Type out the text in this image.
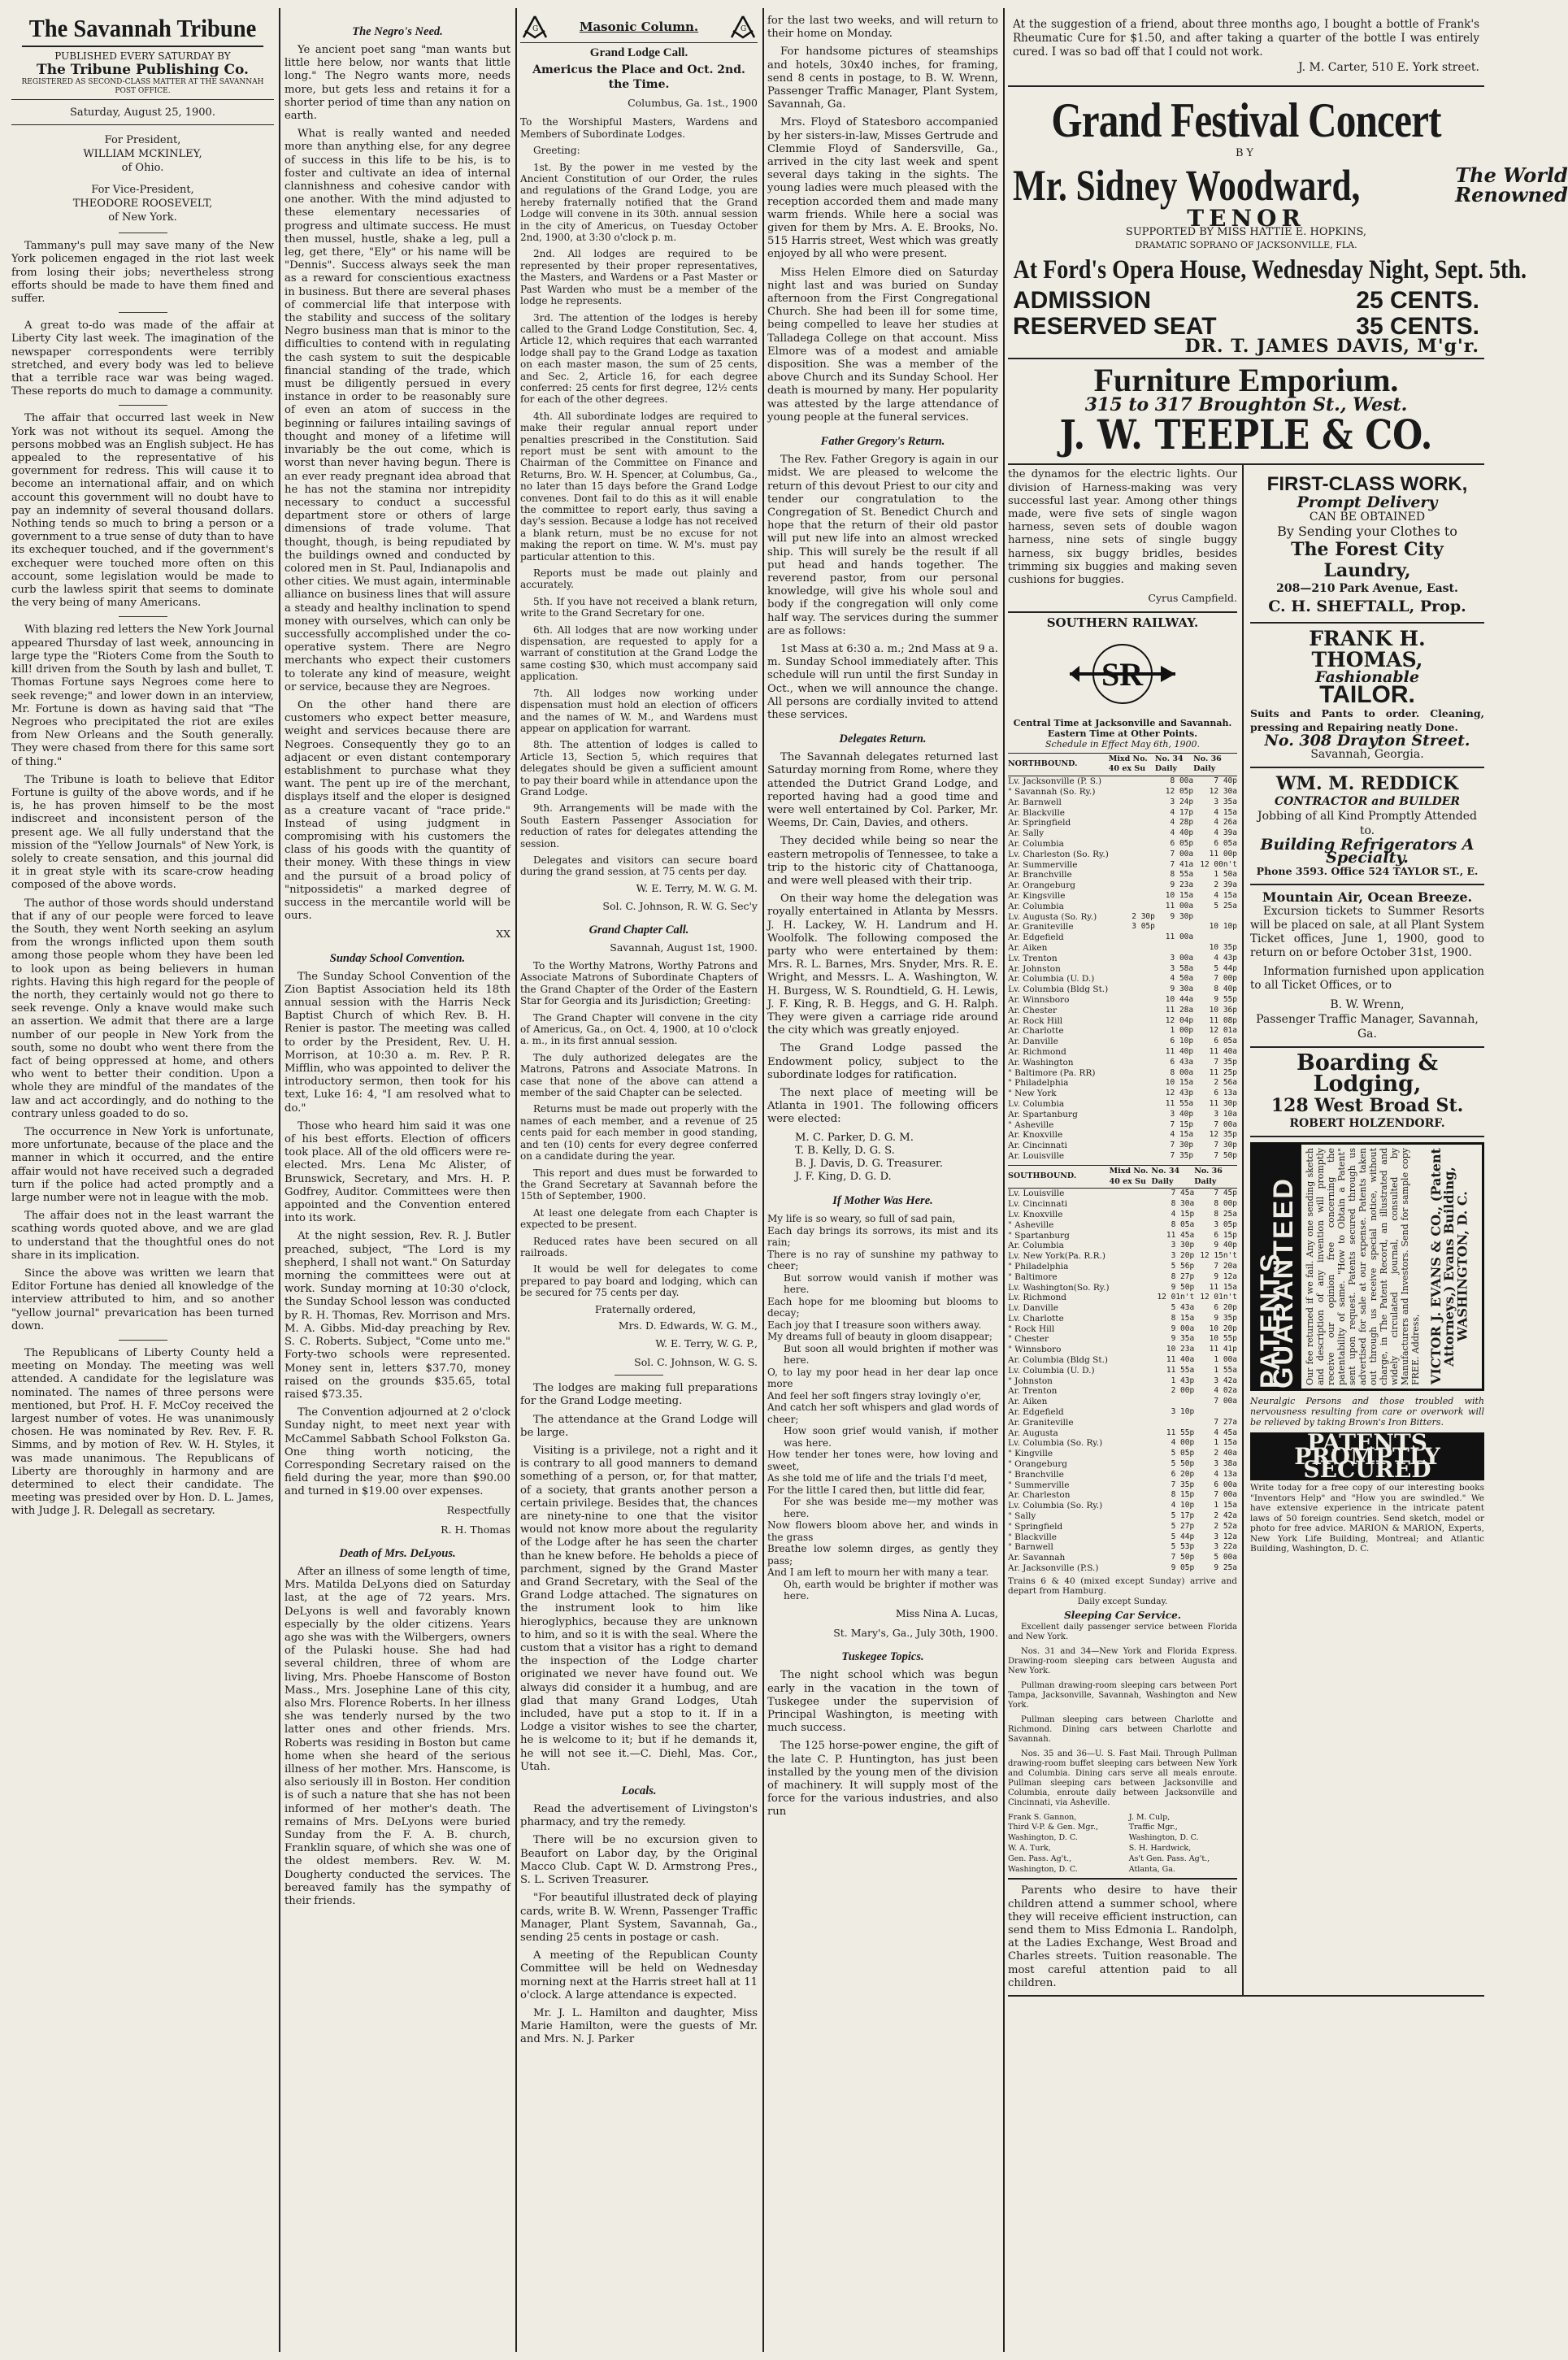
The Savannah Tribune
PUBLISHED EVERY SATURDAY BY
The Tribune Publishing Co.
REGISTERED AS SECOND-CLASS MATTER AT THE SAVANNAH POST OFFICE.
Saturday, August 25, 1900.
For President,
WILLIAM MCKINLEY,
of Ohio.
For Vice-President,
THEODORE ROOSEVELT,
of New York.

Tammany's pull may save many of the New York policemen engaged in the riot last week from losing their jobs; nevertheless strong efforts should be made to have them fined and suffer.

A great to-do was made of the affair at Liberty City last week. The imagination of the newspaper correspondents were terribly stretched, and every body was led to believe that a terrible race war was being waged. These reports do much to damage a community.

The affair that occurred last week in New York was not without its sequel. Among the persons mobbed was an English subject. He has appealed to the representative of his government for redress. This will cause it to become an international affair, and on which account this government will no doubt have to pay an indemnity of several thousand dollars. Nothing tends so much to bring a person or a government to a true sense of duty than to have its exchequer touched, and if the government's exchequer were touched more often on this account, some legislation would be made to curb the lawless spirit that seems to dominate the very being of many Americans.

With blazing red letters the New York Journal appeared Thursday of last week, announcing in large type the "Rioters Come from the South to kill! driven from the South by lash and bullet, T. Thomas Fortune says Negroes come here to seek revenge;" and lower down in an interview, Mr. Fortune is down as having said that "The Negroes who precipitated the riot are exiles from New Orleans and the South generally. They were chased from there for this same sort of thing."

The Tribune is loath to believe that Editor Fortune is guilty of the above words, and if he is, he has proven himself to be the most indiscreet and inconsistent person of the present age. We all fully understand that the mission of the "Yellow Journals" of New York, is solely to create sensation, and this journal did it in great style with its scare-crow heading composed of the above words.

The author of those words should understand that if any of our people were forced to leave the South, they went North seeking an asylum from the wrongs inflicted upon them south among those people whom they have been led to look upon as being believers in human rights. Having this high regard for the people of the north, they certainly would not go there to seek revenge. Only a knave would make such an assertion. We admit that there are a large number of our people in New York from the south, some no doubt who went there from the fact of being oppressed at home, and others who went to better their condition. Upon a whole they are mindful of the mandates of the law and act accordingly, and do nothing to the contrary unless goaded to do so.

The occurrence in New York is unfortunate, more unfortunate, because of the place and the manner in which it occurred, and the entire affair would not have received such a degraded turn if the police had acted promptly and a large number were not in league with the mob.

The affair does not in the least warrant the scathing words quoted above, and we are glad to understand that the thoughtful ones do not share in its implication.

Since the above was written we learn that Editor Fortune has denied all knowledge of the interview attributed to him, and so another "yellow journal" prevarication has been turned down.

The Republicans of Liberty County held a meeting on Monday. The meeting was well attended. A candidate for the legislature was nominated. The names of three persons were mentioned, but Prof. H. F. McCoy received the largest number of votes. He was unanimously chosen. He was nominated by Rev. Rev. F. R. Simms, and by motion of Rev. W. H. Styles, it was made unanimous. The Republicans of Liberty are thoroughly in harmony and are determined to elect their candidate. The meeting was presided over by Hon. D. L. James, with Judge J. R. Delegall as secretary.

The Negro's Need.

Ye ancient poet sang "man wants but little here below, nor wants that little long." The Negro wants more, needs more, but gets less and retains it for a shorter period of time than any nation on earth.

What is really wanted and needed more than anything else, for any degree of success in this life to be his, is to foster and cultivate an idea of internal clannishness and cohesive candor with one another. With the mind adjusted to these elementary necessaries of progress and ultimate success. He must then mussel, hustle, shake a leg, pull a leg, get there, "Ely" or his name will be "Dennis". Success always seek the man as a reward for conscientious exactness in business. But there are several phases of commercial life that interpose with the stability and success of the solitary Negro business man that is minor to the difficulties to contend with in regulating the cash system to suit the despicable financial standing of the trade, which must be diligently persued in every instance in order to be reasonably sure of even an atom of success in the beginning or failures intailing savings of thought and money of a lifetime will invariably be the out come, which is worst than never having begun. There is an ever ready pregnant idea abroad that he has not the stamina nor intrepidity necessary to conduct a successful department store or others of large dimensions of trade volume. That thought, though, is being repudiated by the buildings owned and conducted by colored men in St. Paul, Indianapolis and other cities. We must again, interminable alliance on business lines that will assure a steady and healthy inclination to spend money with ourselves, which can only be successfully accomplished under the co-operative system. There are Negro merchants who expect their customers to tolerate any kind of measure, weight or service, because they are Negroes.

On the other hand there are customers who expect better measure, weight and services because there are Negroes. Consequently they go to an adjacent or even distant contemporary establishment to purchase what they want. The pent up ire of the merchant, displays itself and the eloper is designed as a creature vacant of "race pride." Instead of using judgment in compromising with his customers the class of his goods with the quantity of their money. With these things in view and the pursuit of a broad policy of "nitpossidetis" a marked degree of success in the mercantile world will be ours.

XX
Sunday School Convention.

The Sunday School Convention of the Zion Baptist Association held its 18th annual session with the Harris Neck Baptist Church of which Rev. B. H. Renier is pastor. The meeting was called to order by the President, Rev. U. H. Morrison, at 10:30 a. m. Rev. P. R. Mifflin, who was appointed to deliver the introductory sermon, then took for his text, Luke 16: 4, "I am resolved what to do."

Those who heard him said it was one of his best efforts. Election of officers took place. All of the old officers were re-elected. Mrs. Lena Mc Alister, of Brunswick, Secretary, and Mrs. H. P. Godfrey, Auditor. Committees were then appointed and the Convention entered into its work.

At the night session, Rev. R. J. Butler preached, subject, "The Lord is my shepherd, I shall not want." On Saturday morning the committees were out at work. Sunday morning at 10:30 o'clock, the Sunday School lesson was conducted by R. H. Thomas, Rev. Morrison and Mrs. M. A. Gibbs. Mid-day preaching by Rev. S. C. Roberts. Subject, "Come unto me." Forty-two schools were represented. Money sent in, letters $37.70, money raised on the grounds $35.65, total raised $73.35.

The Convention adjourned at 2 o'clock Sunday night, to meet next year with McCammel Sabbath School Folkston Ga. One thing worth noticing, the Corresponding Secretary raised on the field during the year, more than $90.00 and turned in $19.00 over expenses.

Respectfully
R. H. Thomas
Death of Mrs. DeLyous.

After an illness of some length of time, Mrs. Matilda DeLyons died on Saturday last, at the age of 72 years. Mrs. DeLyons is well and favorably known especially by the older citizens. Years ago she was with the Wilbergers, owners of the Pulaski house. She had had several children, three of whom are living, Mrs. Phoebe Hanscome of Boston Mass., Mrs. Josephine Lane of this city, also Mrs. Florence Roberts. In her illness she was tenderly nursed by the two latter ones and other friends. Mrs. Roberts was residing in Boston but came home when she heard of the serious illness of her mother. Mrs. Hanscome, is also seriously ill in Boston. Her condition is of such a nature that she has not been informed of her mother's death. The remains of Mrs. DeLyons were buried Sunday from the F. A. B. church, Franklin square, of which she was one of the oldest members. Rev. W. M. Dougherty conducted the services. The bereaved family has the sympathy of their friends.

G	Masonic Column.	G
Grand Lodge Call.
Americus the Place and Oct. 2nd. the Time.
Columbus, Ga. 1st., 1900

To the Worshipful Masters, Wardens and Members of Subordinate Lodges.

Greeting:

1st. By the power in me vested by the Ancient Constitution of our Order, the rules and regulations of the Grand Lodge, you are hereby fraternally notified that the Grand Lodge will convene in its 30th. annual session in the city of Americus, on Tuesday October 2nd, 1900, at 3:30 o'clock p. m.

2nd. All lodges are required to be represented by their proper representatives, the Masters, and Wardens or a Past Master or Past Warden who must be a member of the lodge he represents.

3rd. The attention of the lodges is hereby called to the Grand Lodge Constitution, Sec. 4, Article 12, which requires that each warranted lodge shall pay to the Grand Lodge as taxation on each master mason, the sum of 25 cents, and Sec. 2, Article 16, for each degree conferred: 25 cents for first degree, 12½ cents for each of the other degrees.

4th. All subordinate lodges are required to make their regular annual report under penalties prescribed in the Constitution. Said report must be sent with amount to the Chairman of the Committee on Finance and Returns, Bro. W. H. Spencer, at Columbus, Ga., no later than 15 days before the Grand Lodge convenes. Dont fail to do this as it will enable the committee to report early, thus saving a day's session. Because a lodge has not received a blank return, must be no excuse for not making the report on time. W. M's. must pay particular attention to this.

Reports must be made out plainly and accurately.

5th. If you have not received a blank return, write to the Grand Secretary for one.

6th. All lodges that are now working under dispensation, are requested to apply for a warrant of constitution at the Grand Lodge the same costing $30, which must accompany said application.

7th. All lodges now working under dispensation must hold an election of officers and the names of W. M., and Wardens must appear on application for warrant.

8th. The attention of lodges is called to Article 13, Section 5, which requires that delegates should be given a sufficient amount to pay their board while in attendance upon the Grand Lodge.

9th. Arrangements will be made with the South Eastern Passenger Association for reduction of rates for delegates attending the session.

Delegates and visitors can secure board during the grand session, at 75 cents per day.

W. E. Terry, M. W. G. M.
Sol. C. Johnson, R. W. G. Sec'y
Grand Chapter Call.
Savannah, August 1st, 1900.

To the Worthy Matrons, Worthy Patrons and Associate Matrons of Subordinate Chapters of the Grand Chapter of the Order of the Eastern Star for Georgia and its Jurisdiction; Greeting:

The Grand Chapter will convene in the city of Americus, Ga., on Oct. 4, 1900, at 10 o'clock a. m., in its first annual session.

The duly authorized delegates are the Matrons, Patrons and Associate Matrons. In case that none of the above can attend a member of the said Chapter can be selected.

Returns must be made out properly with the names of each member, and a revenue of 25 cents paid for each member in good standing, and ten (10) cents for every degree conferred on a candidate during the year.

This report and dues must be forwarded to the Grand Secretary at Savannah before the 15th of September, 1900.

At least one delegate from each Chapter is expected to be present.

Reduced rates have been secured on all railroads.

It would be well for delegates to come prepared to pay board and lodging, which can be secured for 75 cents per day.

Fraternally ordered,

Mrs. D. Edwards, W. G. M.,
W. E. Terry, W. G. P.,
Sol. C. Johnson, W. G. S.

The lodges are making full preparations for the Grand Lodge meeting.

The attendance at the Grand Lodge will be large.

Visiting is a privilege, not a right and it is contrary to all good manners to demand something of a person, or, for that matter, of a society, that grants another person a certain privilege. Besides that, the chances are ninety-nine to one that the visitor would not know more about the regularity of the Lodge after he has seen the charter than he knew before. He beholds a piece of parchment, signed by the Grand Master and Grand Secretary, with the Seal of the Grand Lodge attached. The signatures on the instrument look to him like hieroglyphics, because they are unknown to him, and so it is with the seal. Where the custom that a visitor has a right to demand the inspection of the Lodge charter originated we never have found out. We always did consider it a humbug, and are glad that many Grand Lodges, Utah included, have put a stop to it. If in a Lodge a visitor wishes to see the charter, he is welcome to it; but if he demands it, he will not see it.—C. Diehl, Mas. Cor., Utah.

Locals.

Read the advertisement of Livingston's pharmacy, and try the remedy.

There will be no excursion given to Beaufort on Labor day, by the Original Macco Club. Capt W. D. Armstrong Pres., S. L. Scriven Treasurer.

"For beautiful illustrated deck of playing cards, write B. W. Wrenn, Passenger Traffic Manager, Plant System, Savannah, Ga., sending 25 cents in postage or cash.

A meeting of the Republican County Committee will be held on Wednesday morning next at the Harris street hall at 11 o'clock. A large attendance is expected.

Mr. J. L. Hamilton and daughter, Miss Marie Hamilton, were the guests of Mr. and Mrs. N. J. Parker

for the last two weeks, and will return to their home on Monday.

For handsome pictures of steamships and hotels, 30x40 inches, for framing, send 8 cents in postage, to B. W. Wrenn, Passenger Traffic Manager, Plant System, Savannah, Ga.

Mrs. Floyd of Statesboro accompanied by her sisters-in-law, Misses Gertrude and Clemmie Floyd of Sandersville, Ga., arrived in the city last week and spent several days taking in the sights. The young ladies were much pleased with the reception accorded them and made many warm friends. While here a social was given for them by Mrs. A. E. Brooks, No. 515 Harris street, West which was greatly enjoyed by all who were present.

Miss Helen Elmore died on Saturday night last and was buried on Sunday afternoon from the First Congregational Church. She had been ill for some time, being compelled to leave her studies at Talladega College on that account. Miss Elmore was of a modest and amiable disposition. She was a member of the above Church and its Sunday School. Her death is mourned by many. Her popularity was attested by the large attendance of young people at the funeral services.

Father Gregory's Return.

The Rev. Father Gregory is again in our midst. We are pleased to welcome the return of this devout Priest to our city and tender our congratulation to the Congregation of St. Benedict Church and hope that the return of their old pastor will put new life into an almost wrecked ship. This will surely be the result if all put head and hands together. The reverend pastor, from our personal knowledge, will give his whole soul and body if the congregation will only come half way. The services during the summer are as follows:

1st Mass at 6:30 a. m.; 2nd Mass at 9 a. m. Sunday School immediately after. This schedule will run until the first Sunday in Oct., when we will announce the change. All persons are cordially invited to attend these services.

Delegates Return.

The Savannah delegates returned last Saturday morning from Rome, where they attended the Dutrict Grand Lodge, and reported having had a good time and were well entertained by Col. Parker, Mr. Weems, Dr. Cain, Davies, and others.

They decided while being so near the eastern metropolis of Tennessee, to take a trip to the historic city of Chattanooga, and were well pleased with their trip.

On their way home the delegation was royally entertained in Atlanta by Messrs. J. H. Lackey, W. H. Landrum and H. Woolfolk. The following composed the party who were entertained by them: Mrs. R. L. Barnes, Mrs. Snyder, Mrs. R. E. Wright, and Messrs. L. A. Washington, W. H. Burgess, W. S. Roundtield, G. H. Lewis, J. F. King, R. B. Heggs, and G. H. Ralph. They were given a carriage ride around the city which was greatly enjoyed.

The Grand Lodge passed the Endowment policy, subject to the subordinate lodges for ratification.

The next place of meeting will be Atlanta in 1901. The following officers were elected:

M. C. Parker, D. G. M.
T. B. Kelly, D. G. S.
B. J. Davis, D. G. Treasurer.
J. F. King, D. G. D.
If Mother Was Here.
My life is so weary, so full of sad pain,
Each day brings its sorrows, its mist and its rain;
There is no ray of sunshine my pathway to cheer;
But sorrow would vanish if mother was here.
Each hope for me blooming but blooms to decay;
Each joy that I treasure soon withers away.
My dreams full of beauty in gloom disappear;
But soon all would brighten if mother was here.
O, to lay my poor head in her dear lap once more
And feel her soft fingers stray lovingly o'er,
And catch her soft whispers and glad words of cheer;
How soon grief would vanish, if mother was here.
How tender her tones were, how loving and sweet,
As she told me of life and the trials I'd meet,
For the little I cared then, but little did fear,
For she was beside me—my mother was here.
Now flowers bloom above her, and winds in the grass
Breathe low solemn dirges, as gently they pass;
And I am left to mourn her with many a tear.
Oh, earth would be brighter if mother was here.
Miss Nina A. Lucas,
St. Mary's, Ga., July 30th, 1900.
Tuskegee Topics.

The night school which was begun early in the vacation in the town of Tuskegee under the supervision of Principal Washington, is meeting with much success.

The 125 horse-power engine, the gift of the late C. P. Huntington, has just been installed by the young men of the division of machinery. It will supply most of the force for the various industries, and also run

At the suggestion of a friend, about three months ago, I bought a bottle of Frank's Rheumatic Cure for $1.50, and after taking a quarter of the bottle I was entirely cured. I was so bad off that I could not work.
J. M. Carter, 510 E. York street.
Grand Festival Concert
BY
Mr. Sidney Woodward,	The World Renowned
TENOR
SUPPORTED BY MISS HATTIE E. HOPKINS,
DRAMATIC SOPRANO OF JACKSONVILLE, FLA.
At Ford's Opera House, Wednesday Night, Sept. 5th.
ADMISSION	25 CENTS.
RESERVED SEAT	35 CENTS.
DR. T. JAMES DAVIS, M'g'r.
Furniture Emporium.
315 to 317 Broughton St., West.
J. W. TEEPLE & CO.

the dynamos for the electric lights. Our division of Harness-making was very successful last year. Among other things made, were five sets of single wagon harness, seven sets of double wagon harness, nine sets of single buggy harness, six buggy bridles, besides trimming six buggies and making seven cushions for buggies.

Cyrus Campfield.
SOUTHERN RAILWAY.
SR
Central Time at Jacksonville and Savannah. Eastern Time at Other Points.
Schedule in Effect May 6th, 1900.
NORTHBOUND.	Mixd No. 40 ex Su	No. 34 Daily	No. 36 Daily
Lv. Jacksonville (P. S.)		8 00a	7 40p
" Savannah (So. Ry.)		12 05p	12 30a
Ar. Barnwell		3 24p	3 35a
Ar. Blackville		4 17p	4 15a
Ar. Springfield		4 28p	4 26a
Ar. Sally		4 40p	4 39a
Ar. Columbia		6 05p	6 05a
Lv. Charleston (So. Ry.)		7 00a	11 00p
Ar. Summerville		7 41a	12 00n't
Ar. Branchville		8 55a	1 50a
Ar. Orangeburg		9 23a	2 39a
Ar. Kingsville		10 15a	4 15a
Ar. Columbia		11 00a	5 25a
Lv. Augusta (So. Ry.)	2 30p	9 30p	
Ar. Graniteville	3 05p		10 10p
Ar. Edgefield		11 00a	
Ar. Aiken			10 35p
Lv. Trenton		3 00a	4 43p
Ar. Johnston		3 58a	5 44p
Ar. Columbia (U. D.)		4 50a	7 00p
Lv. Columbia (Bldg St.)		9 30a	8 40p
Ar. Winnsboro		10 44a	9 55p
Ar. Chester		11 28a	10 36p
Ar. Rock Hill		12 04p	11 08p
Ar. Charlotte		1 00p	12 01a
Ar. Danville		6 10p	6 05a
Ar. Richmond		11 40p	11 40a
Ar. Washington		6 43a	7 35p
" Baltimore (Pa. RR)		8 00a	11 25p
" Philadelphia		10 15a	2 56a
" New York		12 43p	6 13a
Lv. Columbia		11 55a	11 30p
Ar. Spartanburg		3 40p	3 10a
" Asheville		7 15p	7 00a
Ar. Knoxville		4 15a	12 35p
Ar. Cincinnati		7 30p	7 30p
Ar. Louisville		7 35p	7 50p
SOUTHBOUND.	Mixd No. 40 ex Su	No. 34 Daily	No. 36 Daily
Lv. Louisville		7 45a	7 45p
Lv. Cincinnati		8 30a	8 00p
Lv. Knoxville		4 15p	8 25a
" Asheville		8 05a	3 05p
" Spartanburg		11 45a	6 15p
Ar. Columbia		3 30p	9 40p
Lv. New York(Pa. R.R.)		3 20p	12 15n't
" Philadelphia		5 56p	7 20a
" Baltimore		8 27p	9 12a
Lv. Washington(So. Ry.)		9 50p	11 15a
Lv. Richmond		12 01n't	12 01n't
Lv. Danville		5 43a	6 20p
Lv. Charlotte		8 15a	9 35p
" Rock Hill		9 00a	10 20p
" Chester		9 35a	10 55p
" Winnsboro		10 23a	11 41p
Ar. Columbia (Bldg St.)		11 40a	1 00a
Lv. Columbia (U. D.)		11 55a	1 55a
" Johnston		1 43p	3 42a
Ar. Trenton		2 00p	4 02a
Ar. Aiken			7 00a
Ar. Edgefield		3 10p	
Ar. Graniteville			7 27a
Ar. Augusta		11 55p	4 45a
Lv. Columbia (So. Ry.)		4 00p	1 15a
" Kingville		5 05p	2 40a
" Orangeburg		5 50p	3 38a
" Branchville		6 20p	4 13a
" Summerville		7 35p	6 00a
Ar. Charleston		8 15p	7 00a
Lv. Columbia (So. Ry.)		4 10p	1 15a
" Sally		5 17p	2 42a
" Springfield		5 27p	2 52a
" Blackville		5 44p	3 12a
" Barnwell		5 53p	3 22a
Ar. Savannah		7 50p	5 00a
Ar. Jacksonville (P.S.)		9 05p	9 25a
Trains 6 & 40 (mixed except Sunday) arrive and depart from Hamburg.
Daily except Sunday.
Sleeping Car Service.

Excellent daily passenger service between Florida and New York.

Nos. 31 and 34—New York and Florida Express. Drawing-room sleeping cars between Augusta and New York.

Pullman drawing-room sleeping cars between Port Tampa, Jacksonville, Savannah, Washington and New York.

Pullman sleeping cars between Charlotte and Richmond. Dining cars between Charlotte and Savannah.

Nos. 35 and 36—U. S. Fast Mail. Through Pullman drawing-room buffet sleeping cars between New York and Columbia. Dining cars serve all meals enroute. Pullman sleeping cars between Jacksonville and Columbia, enroute daily between Jacksonville and Cincinnati, via Asheville.

Frank S. Gannon,	J. M. Culp,
Third V-P. & Gen. Mgr.,	Traffic Mgr.,
Washington, D. C.	Washington, D. C.
W. A. Turk,	S. H. Hardwick,
Gen. Pass. Ag't.,	As't Gen. Pass. Ag't.,
Washington, D. C.	Atlanta, Ga.

Parents who desire to have their children attend a summer school, where they will receive efficient instruction, can send them to Miss Edmonia L. Randolph, at the Ladies Exchange, West Broad and Charles streets. Tuition reasonable. The most careful attention paid to all children.

FIRST-CLASS WORK,
Prompt Delivery
CAN BE OBTAINED
By Sending your Clothes to
The Forest City Laundry,
208—210 Park Avenue, East.
C. H. SHEFTALL, Prop.
FRANK H. THOMAS,
Fashionable
TAILOR.
Suits and Pants to order. Cleaning, pressing and Repairing neatly Done.
No. 308 Drayton Street.
Savannah, Georgia.
WM. M. REDDICK
CONTRACTOR and BUILDER
Jobbing of all Kind Promptly Attended to.
Building Refrigerators A Specialty.
Phone 3593. Office 524 TAYLOR ST., E.
Mountain Air, Ocean Breeze.

Excursion tickets to Summer Resorts will be placed on sale, at all Plant System Ticket offices, June 1, 1900, good to return on or before October 31st, 1900.

Information furnished upon application to all Ticket Offices, or to

B. W. Wrenn,
Passenger Traffic Manager, Savannah, Ga.
Boarding & Lodging,
128 West Broad St.
ROBERT HOLZENDORF.
PATENTS GUARANTEED Our fee returned if we fail. Any one sending sketch and description of any invention will promptly receive our opinion free concerning the patentability of same. "How to Obtain a Patent" sent upon request. Patents secured through us advertised for sale at our expense. Patents taken out through us receive special notice, without charge, in The Patent Record, an illustrated and widely circulated journal, consulted by Manufacturers and Investors. Send for sample copy FREE. Address, VICTOR J. EVANS & CO., (Patent Attorneys,) Evans Building, WASHINGTON, D. C.
Neuralgic Persons and those troubled with nervousness resulting from care or overwork will be relieved by taking Brown's Iron Bitters.
PATENTS PROMPTLY SECURED
Write today for a free copy of our interesting books "Inventors Help" and "How you are swindled." We have extensive experience in the intricate patent laws of 50 foreign countries. Send sketch, model or photo for free advice. MARION & MARION, Experts, New York Life Building, Montreal; and Atlantic Building, Washington, D. C.
